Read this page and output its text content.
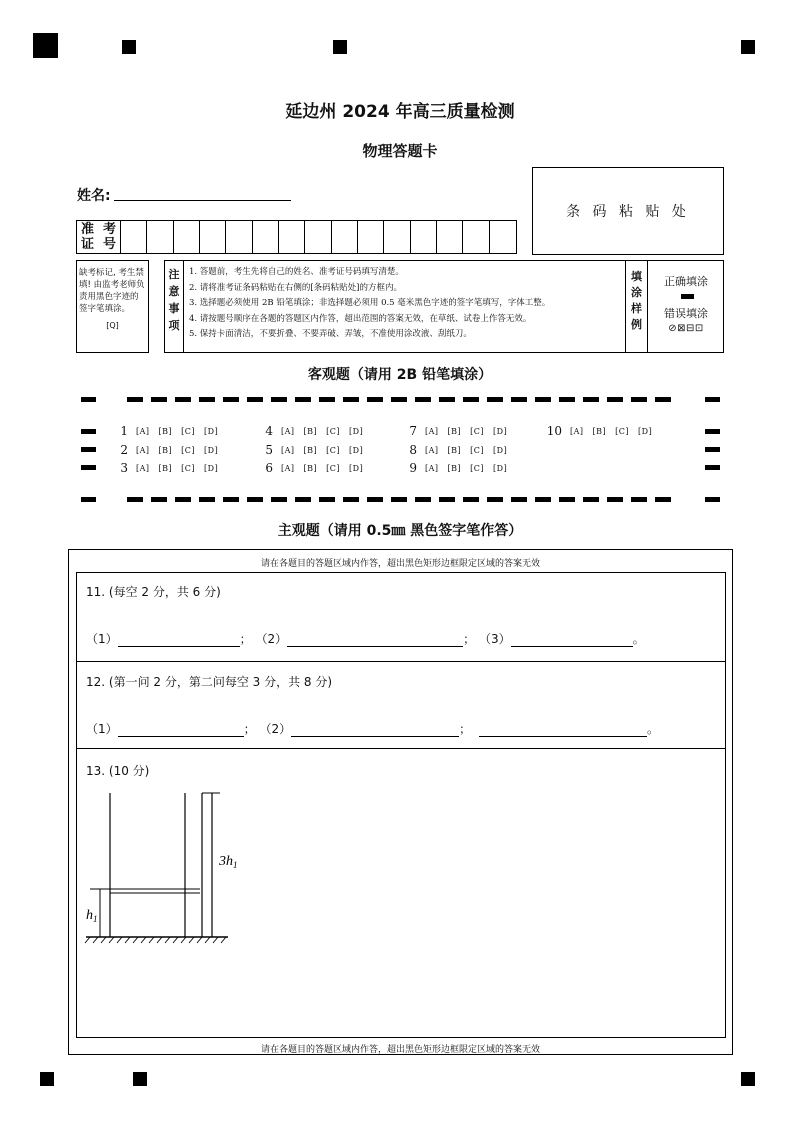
延边州 2024 年高三质量检测
物理答题卡
姓名:
条 码 粘 贴 处
准 考 证 号
缺考标记, 考生禁填! 由监考老师负责用黑色字迹的签字笔填涂。
[Q]
注 意 事 项
1. 答题前，考生先将自己的姓名、准考证号码填写清楚。
2. 请将准考证条码粘贴在右侧的[条码粘贴处]的方框内。
3. 选择题必须使用 2B 铅笔填涂；非选择题必须用 0.5 毫米黑色字迹的签字笔填写，字体工整。
4. 请按题号顺序在各题的答题区内作答，超出范围的答案无效，在草纸、试卷上作答无效。
5. 保持卡面清洁，不要折叠、不要弄破、弄皱，不准使用涂改液、刮纸刀。
填 涂 样 例
正确填涂
错误填涂
⊘⊠⊟⊡
客观题（请用 2B 铅笔填涂）
1 [A] [B] [C] [D]
2 [A] [B] [C] [D]
3 [A] [B] [C] [D]
4 [A] [B] [C] [D]
5 [A] [B] [C] [D]
6 [A] [B] [C] [D]
7 [A] [B] [C] [D]
8 [A] [B] [C] [D]
9 [A] [B] [C] [D]
10 [A] [B] [C] [D]
主观题（请用 0.5㎜ 黑色签字笔作答）
请在各题目的答题区域内作答，超出黑色矩形边框限定区域的答案无效
请在各题目的答题区域内作答，超出黑色矩形边框限定区域的答案无效
11. (每空 2 分，共 6 分)
（1）	； （2）	； （3）	。
12. (第一问 2 分，第二问每空 3 分，共 8 分)
（1）	； （2）	；	。
13. (10 分)
$3h_1$
$h_1$
